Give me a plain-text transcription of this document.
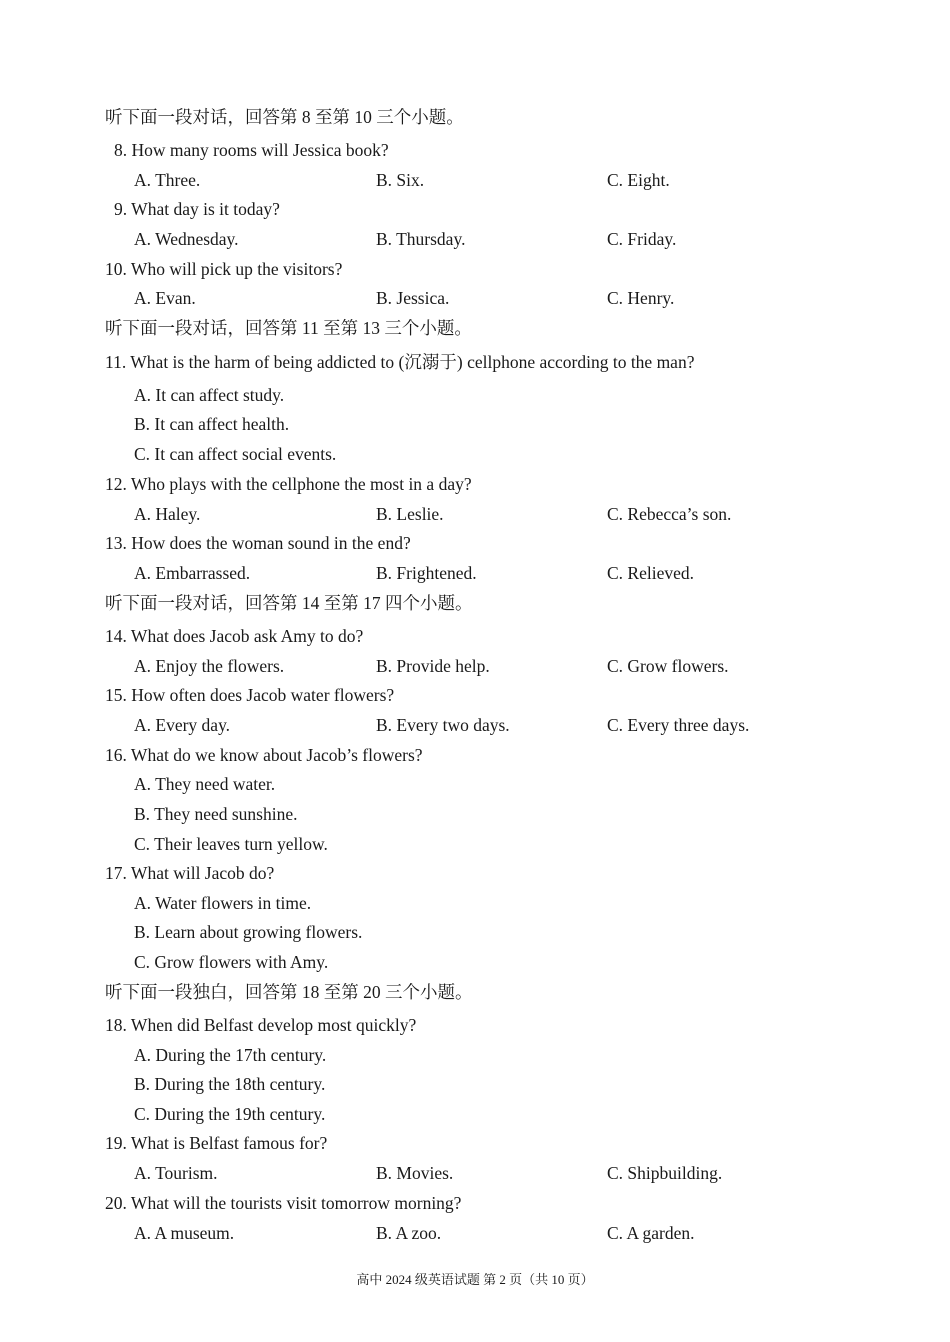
听下面一段对话，回答第 8 至第 10 三个小题。
8. How many rooms will Jessica book?
A. Three.	B. Six.	C. Eight.
9. What day is it today?
A. Wednesday.	B. Thursday.	C. Friday.
10. Who will pick up the visitors?
A. Evan.	B. Jessica.	C. Henry.
听下面一段对话，回答第 11 至第 13 三个小题。
11. What is the harm of being addicted to (沉溺于) cellphone according to the man?
A. It can affect study.
B. It can affect health.
C. It can affect social events.
12. Who plays with the cellphone the most in a day?
A. Haley.	B. Leslie.	C. Rebecca’s son.
13. How does the woman sound in the end?
A. Embarrassed.	B. Frightened.	C. Relieved.
听下面一段对话，回答第 14 至第 17 四个小题。
14. What does Jacob ask Amy to do?
A. Enjoy the flowers.	B. Provide help.	C. Grow flowers.
15. How often does Jacob water flowers?
A. Every day.	B. Every two days.	C. Every three days.
16. What do we know about Jacob’s flowers?
A. They need water.
B. They need sunshine.
C. Their leaves turn yellow.
17. What will Jacob do?
A. Water flowers in time.
B. Learn about growing flowers.
C. Grow flowers with Amy.
听下面一段独白，回答第 18 至第 20 三个小题。
18. When did Belfast develop most quickly?
A. During the 17th century.
B. During the 18th century.
C. During the 19th century.
19. What is Belfast famous for?
A. Tourism.	B. Movies.	C. Shipbuilding.
20. What will the tourists visit tomorrow morning?
A. A museum.	B. A zoo.	C. A garden.
高中 2024 级英语试题 第 2 页（共 10 页）
